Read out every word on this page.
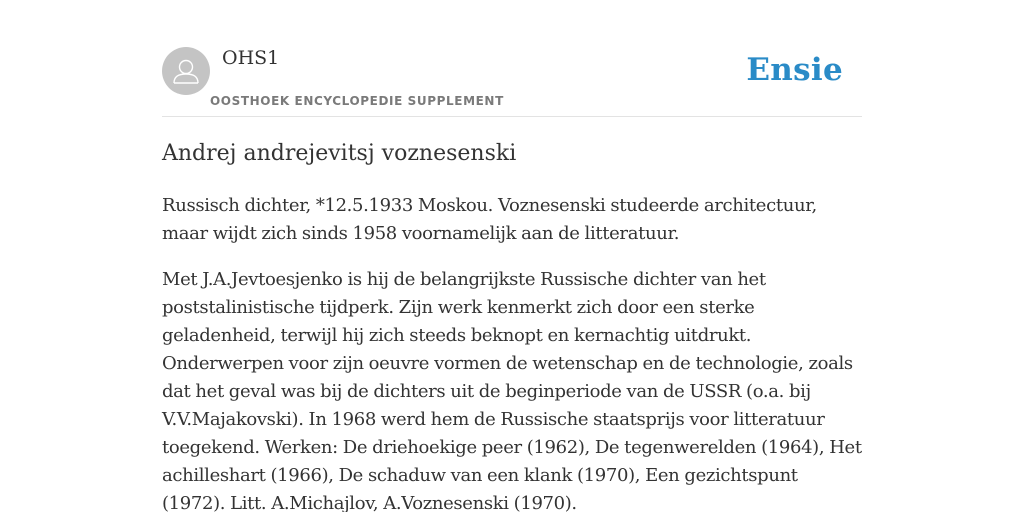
OHS1
OOSTHOEK ENCYCLOPEDIE SUPPLEMENT
Ensie
Andrej andrejevitsj voznesenski

Russisch dichter, *12.5.1933 Moskou. Voznesenski studeerde architectuur, maar wijdt zich sinds 1958 voornamelijk aan de litteratuur.

Met J.A.Jevtoesjenko is hij de belangrijkste Russische dichter van het poststalinistische tijdperk. Zijn werk kenmerkt zich door een sterke geladenheid, terwijl hij zich steeds beknopt en kernachtig uitdrukt. Onderwerpen voor zijn oeuvre vormen de wetenschap en de technologie, zoals dat het geval was bij de dichters uit de beginperiode van de USSR (o.a. bij V.V.Majakovski). In 1968 werd hem de Russische staatsprijs voor litteratuur toegekend. Werken: De driehoekige peer (1962), De tegenwerelden (1964), Het achilleshart (1966), De schaduw van een klank (1970), Een gezichtspunt (1972). Litt. A.Michajlov, A.Voznesenski (1970).
